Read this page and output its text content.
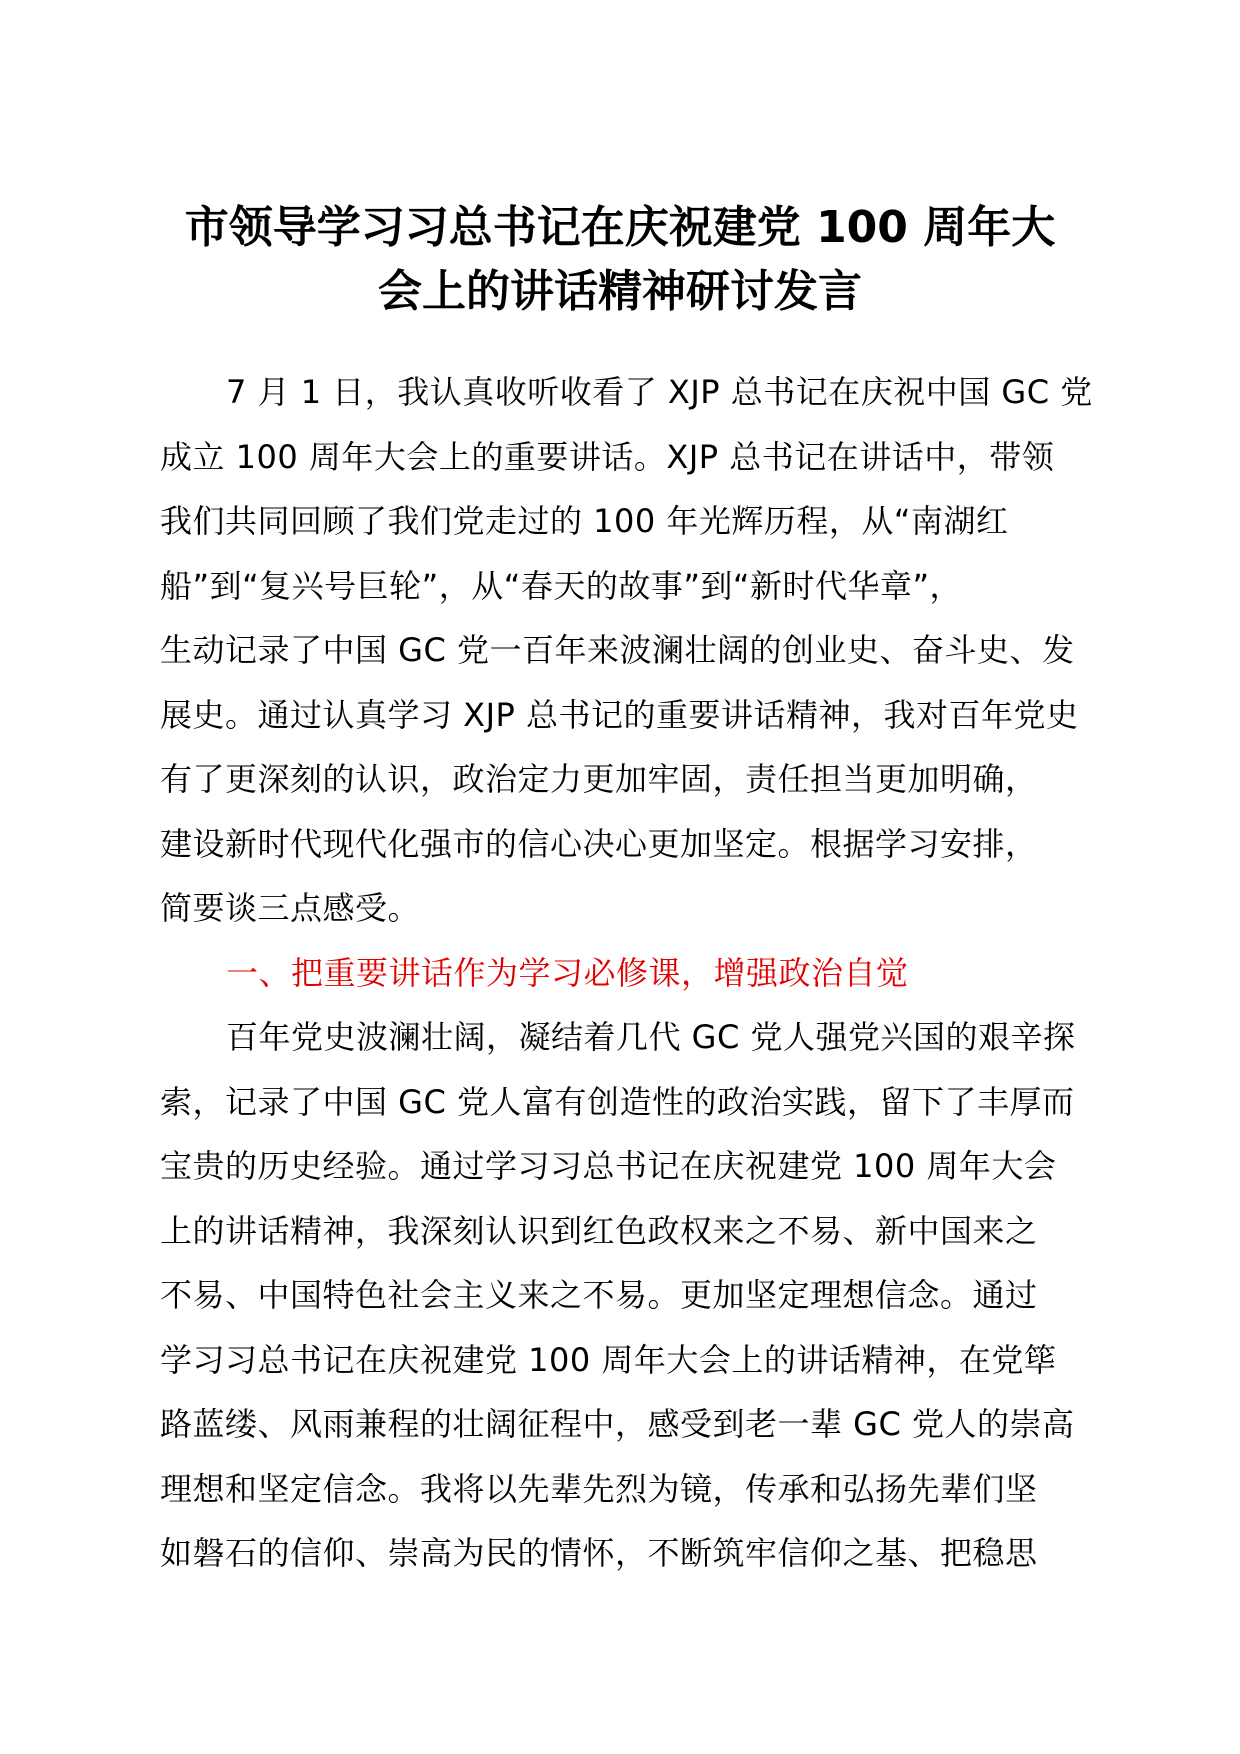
市领导学习习总书记在庆祝建党 100 周年大
会上的讲话精神研讨发言
7 月 1 日，我认真收听收看了 XJP 总书记在庆祝中国 GC 党
成立 100 周年大会上的重要讲话。XJP 总书记在讲话中，带领
我们共同回顾了我们党走过的 100 年光辉历程，从“南湖红
船”到“复兴号巨轮”，从“春天的故事”到“新时代华章”，
生动记录了中国 GC 党一百年来波澜壮阔的创业史、奋斗史、发
展史。通过认真学习 XJP 总书记的重要讲话精神，我对百年党史
有了更深刻的认识，政治定力更加牢固，责任担当更加明确，
建设新时代现代化强市的信心决心更加坚定。根据学习安排，
简要谈三点感受。
一、把重要讲话作为学习必修课，增强政治自觉
百年党史波澜壮阔，凝结着几代 GC 党人强党兴国的艰辛探
索，记录了中国 GC 党人富有创造性的政治实践，留下了丰厚而
宝贵的历史经验。通过学习习总书记在庆祝建党 100 周年大会
上的讲话精神，我深刻认识到红色政权来之不易、新中国来之
不易、中国特色社会主义来之不易。更加坚定理想信念。通过
学习习总书记在庆祝建党 100 周年大会上的讲话精神，在党筚
路蓝缕、风雨兼程的壮阔征程中，感受到老一辈 GC 党人的崇高
理想和坚定信念。我将以先辈先烈为镜，传承和弘扬先辈们坚
如磐石的信仰、崇高为民的情怀，不断筑牢信仰之基、把稳思
